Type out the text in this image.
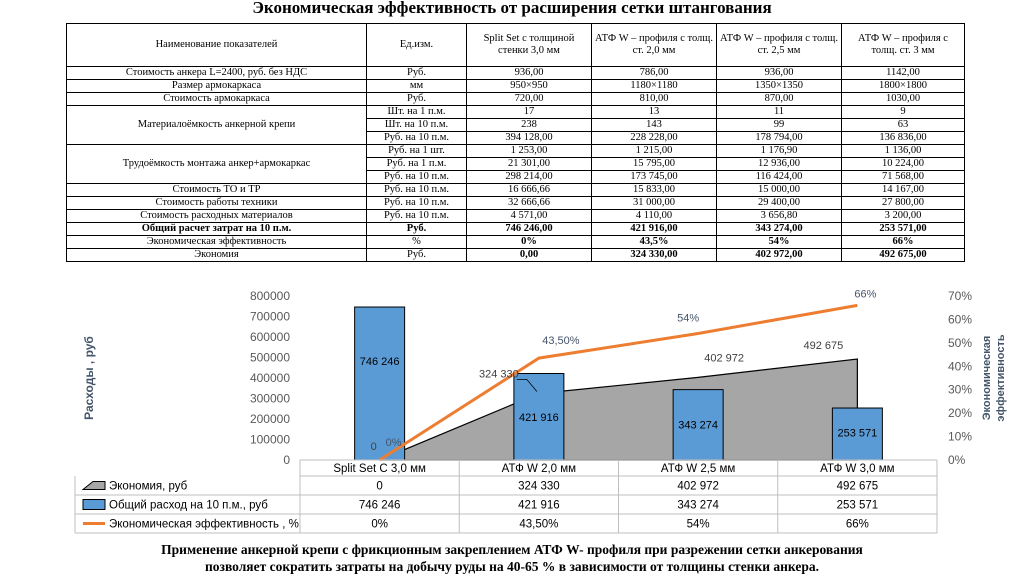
Экономическая эффективность от расширения сетки штангования
Наименование показателей	Ед.изм.	Split Set с толщиной стенки 3,0 мм	АТФ W – профиля с толщ. ст. 2,0 мм	АТФ W – профиля с толщ. ст. 2,5 мм	АТФ W – профиля с толщ. ст. 3 мм
Стоимость анкера L=2400, руб. без НДС	Руб.	936,00	786,00	936,00	1142,00
Размер армокаркаса	мм	950×950	1180×1180	1350×1350	1800×1800
Стоимость армокаркаса	Руб.	720,00	810,00	870,00	1030,00
Материалоёмкость анкерной крепи	Шт. на 1 п.м.	17	13	11	9
	Шт. на 10 п.м.	238	143	99	63
	Руб. на 10 п.м.	394 128,00	228 228,00	178 794,00	136 836,00
Трудоёмкость монтажа анкер+армокаркас	Руб. на 1 шт.	1 253,00	1 215,00	1 176,90	1 136,00
	Руб. на 1 п.м.	21 301,00	15 795,00	12 936,00	10 224,00
	Руб. на 10 п.м.	298 214,00	173 745,00	116 424,00	71 568,00
Стоимость ТО и ТР	Руб. на 10 п.м.	16 666,66	15 833,00	15 000,00	14 167,00
Стоимость работы техники	Руб. на 10 п.м.	32 666,66	31 000,00	29 400,00	27 800,00
Стоимость расходных материалов	Руб. на 10 п.м.	4 571,00	4 110,00	3 656,80	3 200,00
Общий расчет затрат на 10 п.м.	Руб.	746 246,00	421 916,00	343 274,00	253 571,00
Экономическая эффективность	%	0%	43,5%	54%	66%
Экономия	Руб.	0,00	324 330,00	402 972,00	492 675,00
0
100000
200000
300000
400000
500000
600000
700000
800000
0%
10%
20%
30%
40%
50%
60%
70%
Расходы , руб	Экономическая эффективность
746 246
421 916
343 274
253 571
0
324 330
402 972
492 675
0%
43,50%
54%
66%
Split Set С 3,0 мм	АТФ W 2,0 мм	АТФ W 2,5 мм	АТФ W 3,0 мм
Экономия, руб	0	324 330	402 972	492 675
Общий расход на 10 п.м., руб	746 246	421 916	343 274	253 571
Экономическая эффективность , %	0%	43,50%	54%	66%
Применение анкерной крепи с фрикционным закреплением АТФ W- профиля при разрежении сетки анкерования
позволяет сократить затраты на добычу руды на 40-65 % в зависимости от толщины стенки анкера.
